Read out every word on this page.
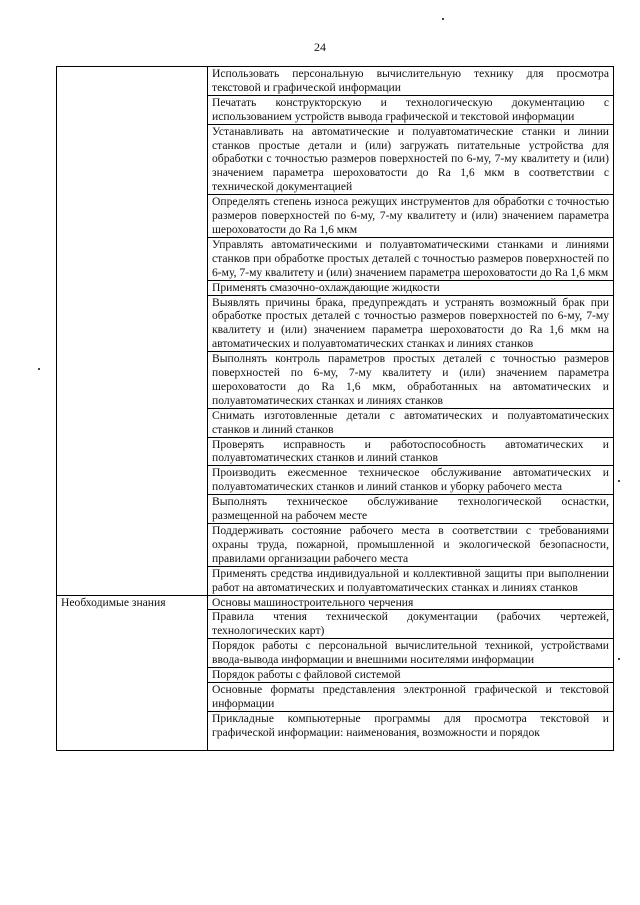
24
	Использовать персональную вычислительную технику для просмотра текстовой и графической информации
	Печатать конструкторскую и технологическую документацию с использованием устройств вывода графической и текстовой информации
	Устанавливать на автоматические и полуавтоматические станки и линии станков простые детали и (или) загружать питательные устройства для обработки с точностью размеров поверхностей по 6-му, 7-му квалитету и (или) значением параметра шероховатости до Ra 1,6 мкм в соответствии с технической документацией
	Определять степень износа режущих инструментов для обработки с точностью размеров поверхностей по 6-му, 7-му квалитету и (или) значением параметра шероховатости до Ra 1,6 мкм
	Управлять автоматическими и полуавтоматическими станками и линиями станков при обработке простых деталей с точностью размеров поверхностей по 6-му, 7-му квалитету и (или) значением параметра шероховатости до Ra 1,6 мкм
	Применять смазочно-охлаждающие жидкости
	Выявлять причины брака, предупреждать и устранять возможный брак при обработке простых деталей с точностью размеров поверхностей по 6-му, 7-му квалитету и (или) значением параметра шероховатости до Ra 1,6 мкм на автоматических и полуавтоматических станках и линиях станков
	Выполнять контроль параметров простых деталей с точностью размеров поверхностей по 6-му, 7-му квалитету и (или) значением параметра шероховатости до Ra 1,6 мкм, обработанных на автоматических и полуавтоматических станках и линиях станков
	Снимать изготовленные детали с автоматических и полуавтоматических станков и линий станков
	Проверять исправность и работоспособность автоматических и полуавтоматических станков и линий станков
	Производить ежесменное техническое обслуживание автоматических и полуавтоматических станков и линий станков и уборку рабочего места
	Выполнять техническое обслуживание технологической оснастки, размещенной на рабочем месте
	Поддерживать состояние рабочего места в соответствии с требованиями охраны труда, пожарной, промышленной и экологической безопасности, правилами организации рабочего места
	Применять средства индивидуальной и коллективной защиты при выполнении работ на автоматических и полуавтоматических станках и линиях станков
Необходимые знания	Основы машиностроительного черчения
	Правила чтения технической документации (рабочих чертежей, технологических карт)
	Порядок работы с персональной вычислительной техникой, устройствами ввода-вывода информации и внешними носителями информации
	Порядок работы с файловой системой
	Основные форматы представления электронной графической и текстовой информации

	Прикладные компьютерные программы для просмотра текстовой и графической информации: наименования, возможности и порядок
